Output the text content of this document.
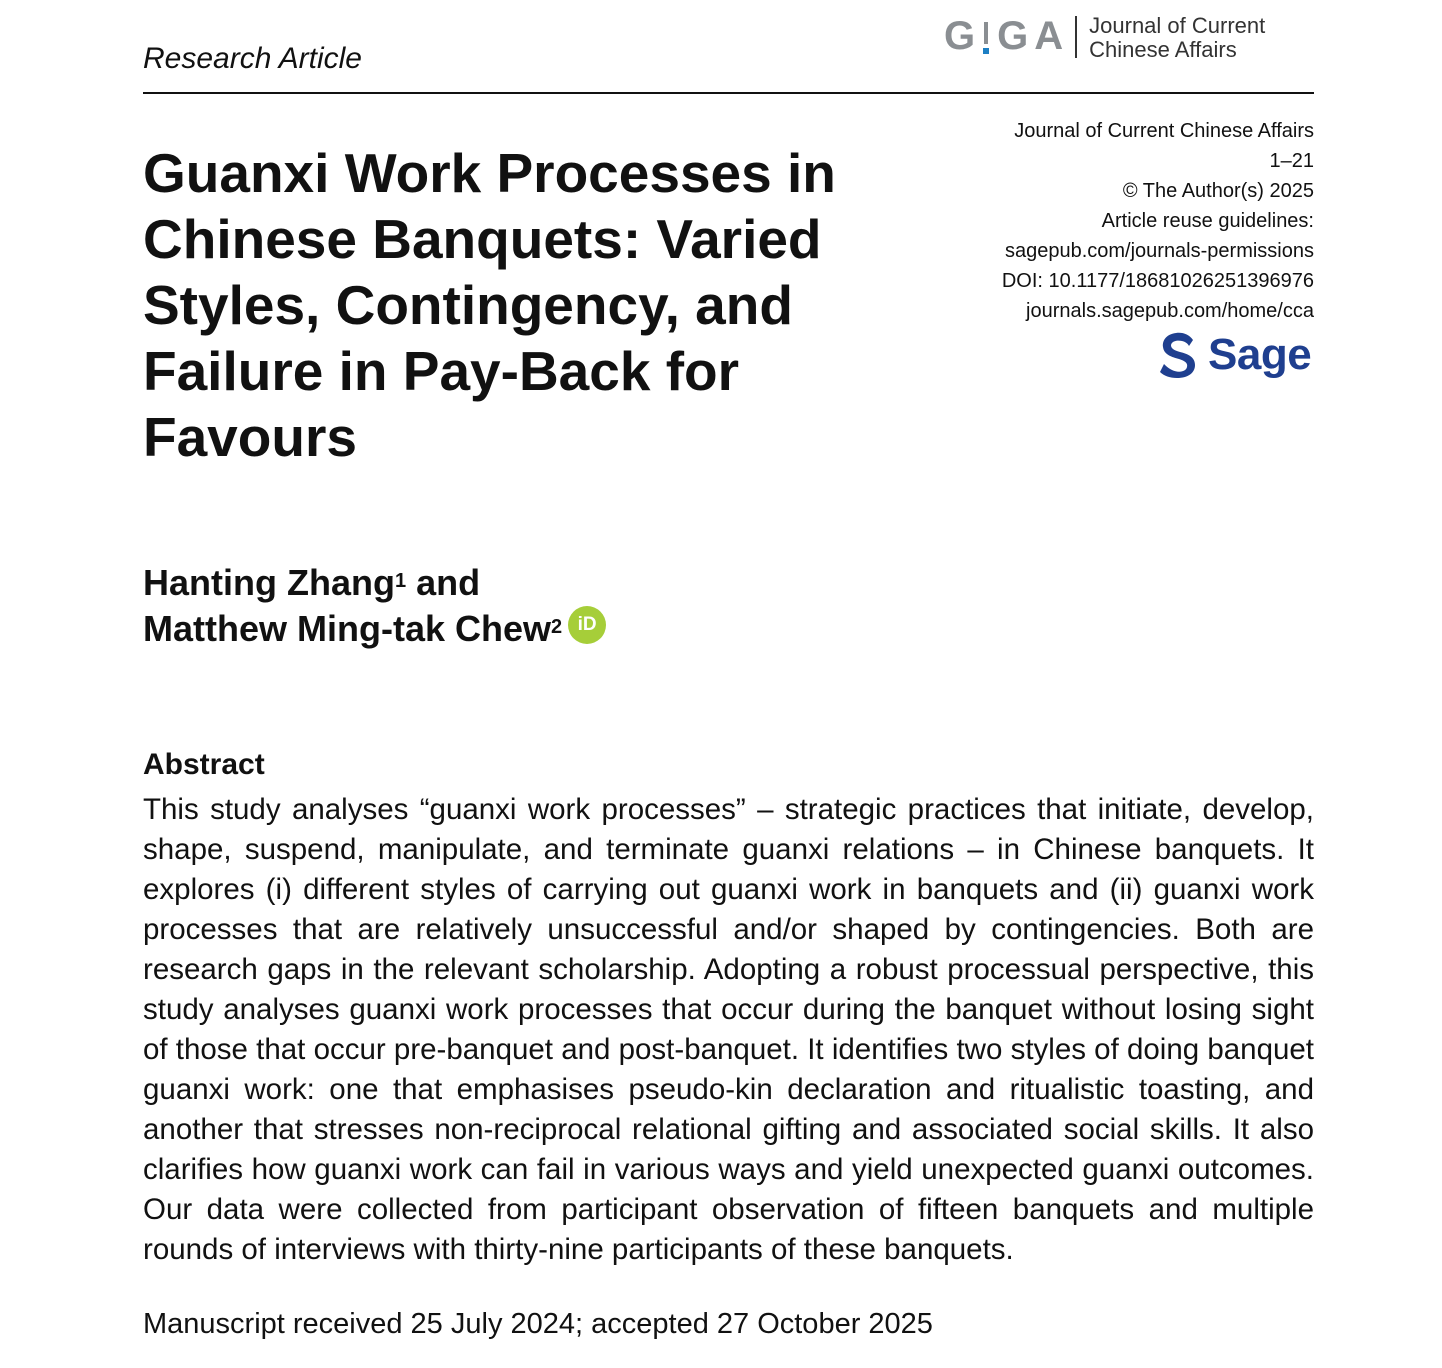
Research Article
G G A Journal of Current
Chinese Affairs
Journal of Current Chinese Affairs
1–21
© The Author(s) 2025
Article reuse guidelines:
sagepub.com/journals-permissions
DOI: 10.1177/18681026251396976
journals.sagepub.com/home/cca
Sage
Guanxi Work Processes in Chinese Banquets: Varied Styles, Contingency, and Failure in Pay-Back for Favours
Hanting Zhang$^1$ and
Matthew Ming-tak Chew$^2$ iD
Abstract

This study analyses “guanxi work processes” – strategic practices that initiate, develop, shape, suspend, manipulate, and terminate guanxi relations – in Chinese banquets. It explores (i) different styles of carrying out guanxi work in banquets and (ii) guanxi work processes that are relatively unsuccessful and/or shaped by contingencies. Both are research gaps in the relevant scholarship. Adopting a robust processual perspective, this study analyses guanxi work processes that occur during the banquet without losing sight of those that occur pre-banquet and post-banquet. It identifies two styles of doing banquet guanxi work: one that emphasises pseudo-kin declaration and ritualistic toasting, and another that stresses non-reciprocal relational gifting and associated social skills. It also clarifies how guanxi work can fail in various ways and yield unexpected guanxi outcomes. Our data were collected from participant observation of fifteen banquets and multiple rounds of interviews with thirty-nine participants of these banquets.

Manuscript received 25 July 2024; accepted 27 October 2025
